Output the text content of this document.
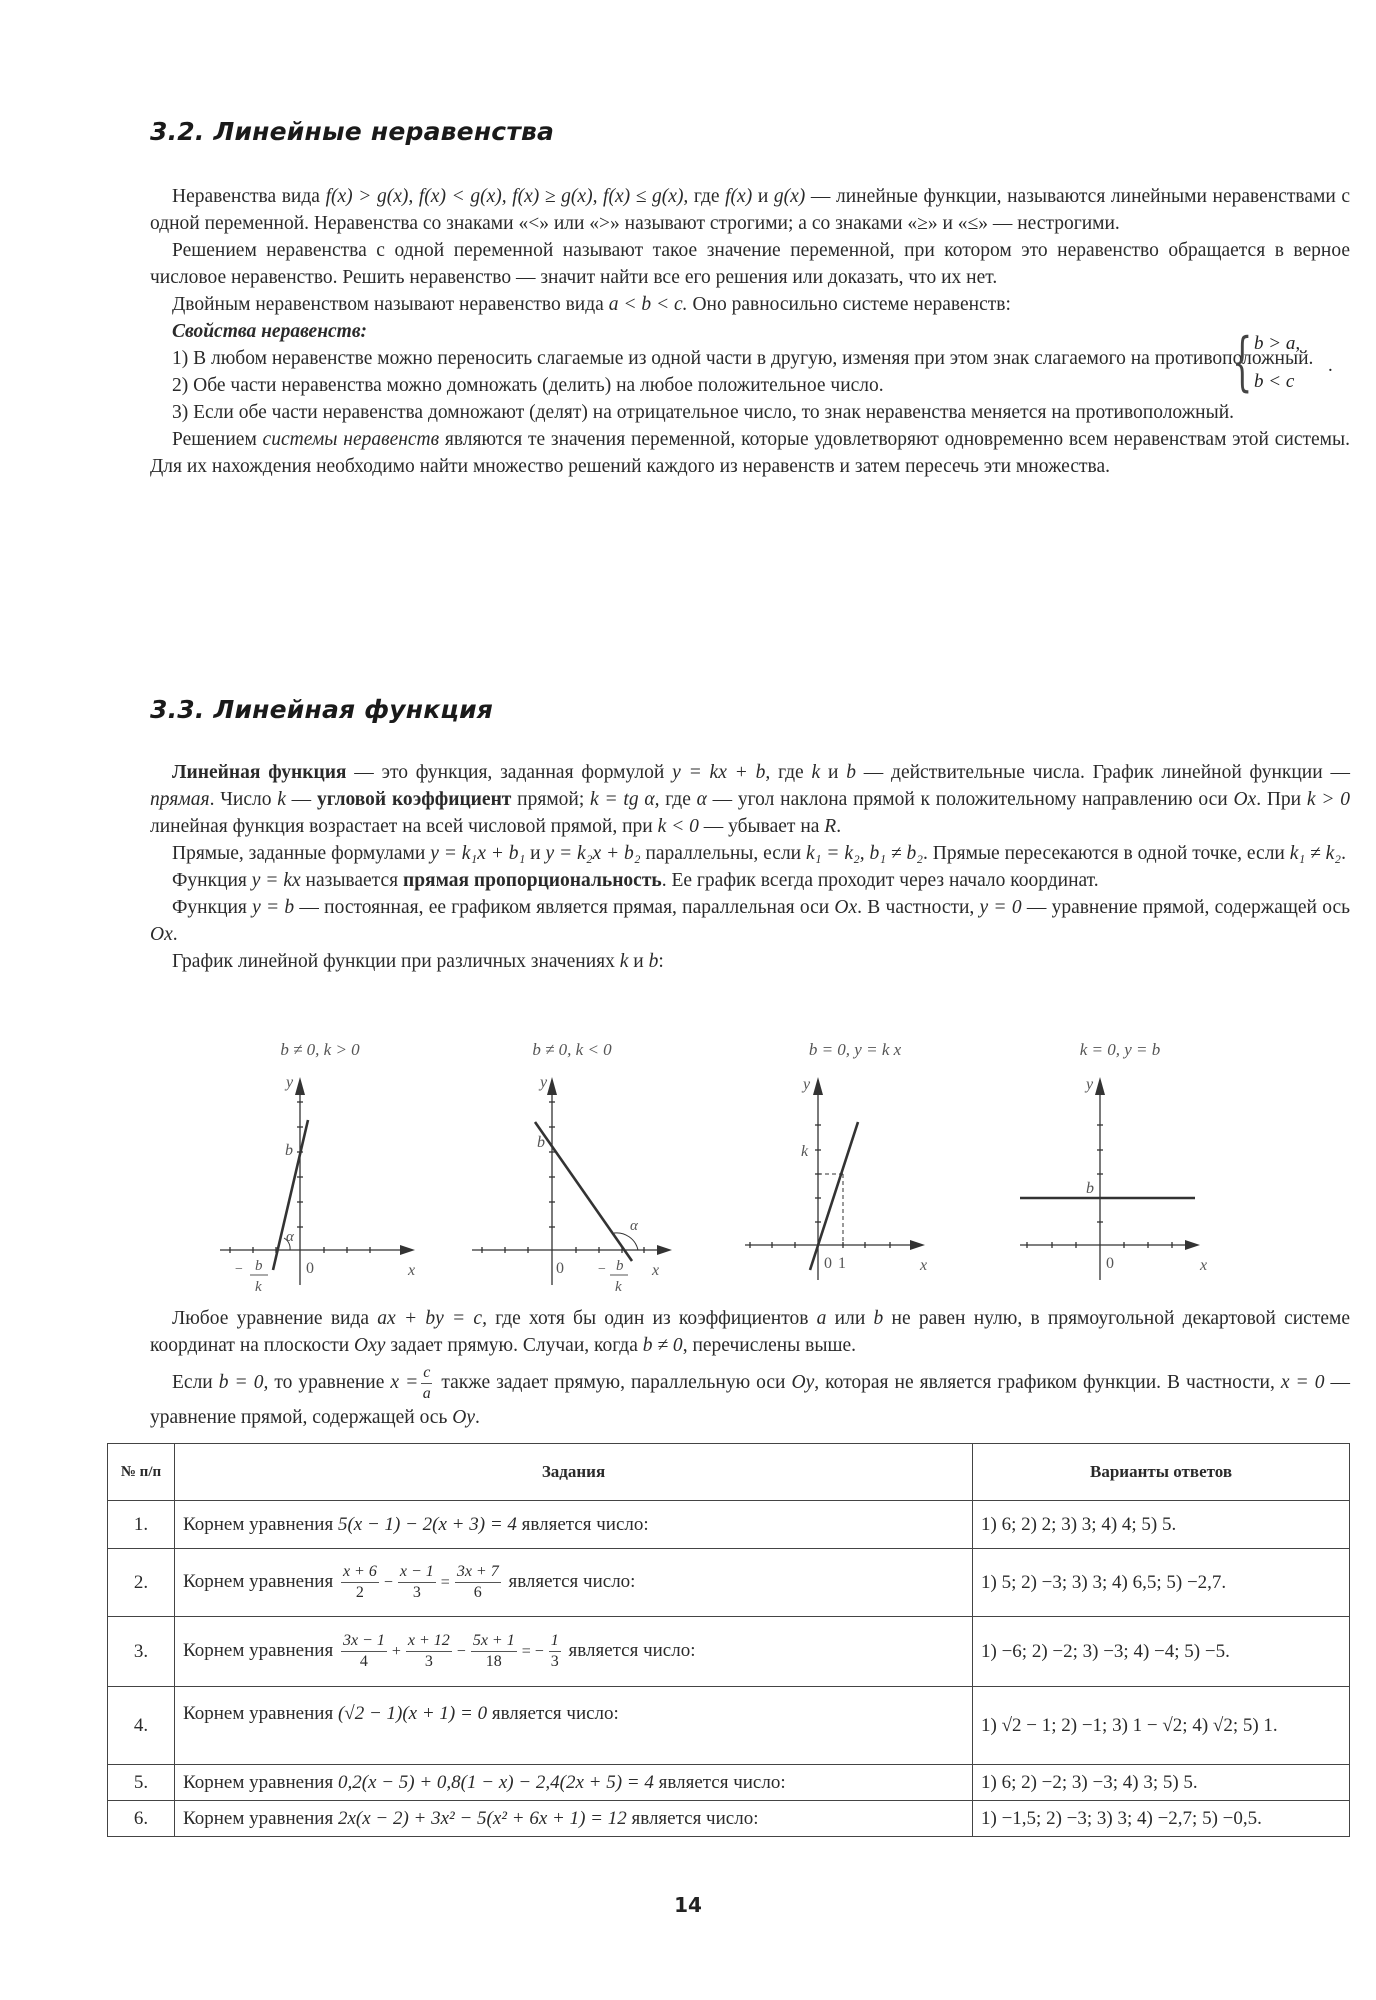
3.2. Линейные неравенства

Неравенства вида f(x) > g(x), f(x) < g(x), f(x) ≥ g(x), f(x) ≤ g(x), где f(x) и g(x) — линейные функции, называются линейными неравенствами с одной переменной. Неравенства со знаками «<» или «>» называют строгими; а со знаками «≥» и «≤» — нестрогими.

Решением неравенства с одной переменной называют такое значение переменной, при котором это неравенство обращается в верное числовое неравенство. Решить неравенство — значит найти все его решения или доказать, что их нет.

Двойным неравенством называют неравенство вида a < b < c. Оно равносильно системе неравенств:

Свойства неравенств:

1) В любом неравенстве можно переносить слагаемые из одной части в другую, изменяя при этом знак слагаемого на противоположный.

2) Обе части неравенства можно домножать (делить) на любое положительное число.

3) Если обе части неравенства домножают (делят) на отрицательное число, то знак неравенства меняется на противоположный.

Решением системы неравенств являются те значения переменной, которые удовлетворяют одновременно всем неравенствам этой системы. Для их нахождения необходимо найти множество решений каждого из неравенств и затем пересечь эти множества.

{ b > a,
b < c
.
3.3. Линейная функция

Линейная функция — это функция, заданная формулой y = kx + b, где k и b — действительные числа. График линейной функции — прямая. Число k — угловой коэффициент прямой; k = tg α, где α — угол наклона прямой к положительному направлению оси Ox. При k > 0 линейная функция возрастает на всей числовой прямой, при k < 0 — убывает на R.

Прямые, заданные формулами y = k₁x + b₁ и y = k₂x + b₂ параллельны, если k₁ = k₂, b₁ ≠ b₂. Прямые пересекаются в одной точке, если k₁ ≠ k₂.

Функция y = kx называется прямая пропорциональность. Ее график всегда проходит через начало координат.

Функция y = b — постоянная, ее графиком является прямая, параллельная оси Ox. В частности, y = 0 — уравнение прямой, содержащей ось Ox.

График линейной функции при различных значениях k и b:

b ≠ 0, k > 0
y
x
0
b
α
− b
k
b ≠ 0, k < 0
y
x
0
b
α
− b
k
b = 0, y = k x
y
x
0 1
k
k = 0, y = b
y
x
0
b

Любое уравнение вида ax + by = c, где хотя бы один из коэффициентов a или b не равен нулю, в прямоугольной декартовой системе координат на плоскости Oxy задает прямую. Случаи, когда b ≠ 0, перечислены выше.

Если b = 0, то уравнение $x = \frac{c}{a}$ также задает прямую, параллельную оси Oy, которая не является графиком функции. В частности, x = 0 — уравнение прямой, содержащей ось Oy.

№ п/п	Задания	Варианты ответов
1.	Корнем уравнения 5(x − 1) − 2(x + 3) = 4 является число:	1) 6; 2) 2; 3) 3; 4) 4; 5) 5.
2.	Корнем уравнения $\frac{x + 6}{2} - \frac{x - 1}{3} = \frac{3x + 7}{6}$ является число:	1) 5; 2) −3; 3) 3; 4) 6,5; 5) −2,7.
3.	Корнем уравнения $\frac{3x - 1}{4} + \frac{x + 12}{3} - \frac{5x + 1}{18}$ = − $\frac{1}{3}$ является число:	1) −6; 2) −2; 3) −3; 4) −4; 5) −5.
4.	Корнем уравнения (√2 − 1)(x + 1) = 0 является число:	1) √2 − 1; 2) −1; 3) 1 − √2; 4) √2; 5) 1.
5.	Корнем уравнения 0,2(x − 5) + 0,8(1 − x) − 2,4(2x + 5) = 4 является число:	1) 6; 2) −2; 3) −3; 4) 3; 5) 5.
6.	Корнем уравнения 2x(x − 2) + 3x² − 5(x² + 6x + 1) = 12 является число:	1) −1,5; 2) −3; 3) 3; 4) −2,7; 5) −0,5.
14
